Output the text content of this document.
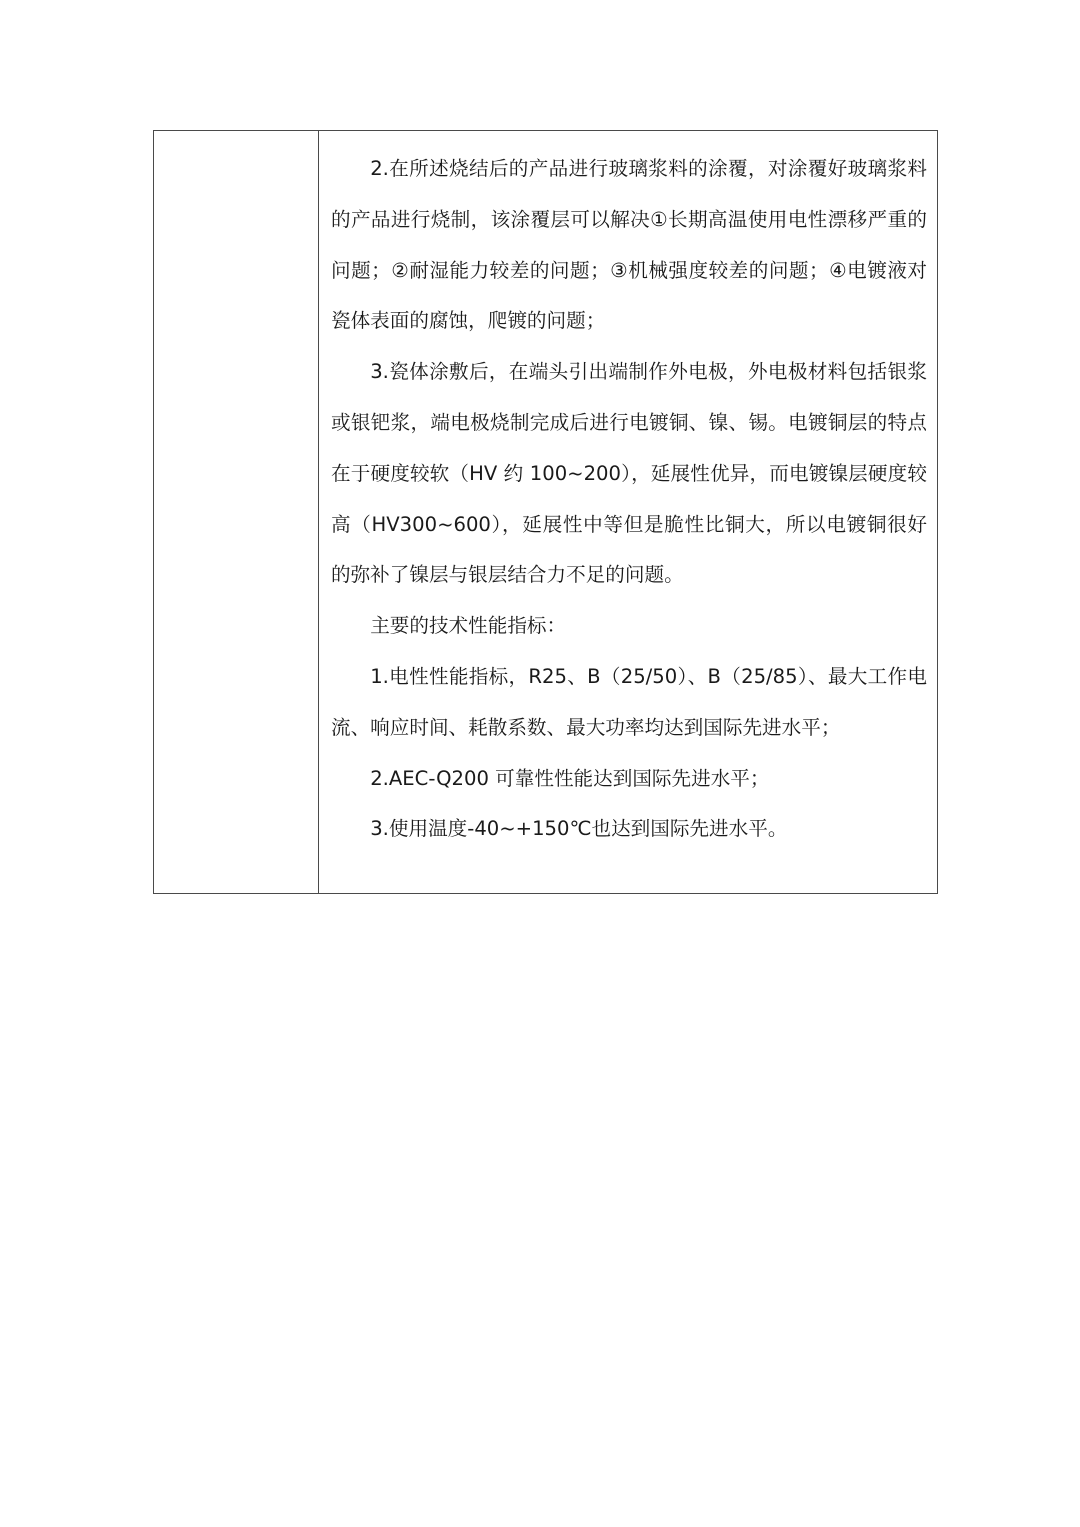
2.在所述烧结后的产品进行玻璃浆料的涂覆，对涂覆好玻璃浆料的产品进行烧制，该涂覆层可以解决①长期高温使用电性漂移严重的问题；②耐湿能力较差的问题；③机械强度较差的问题；④电镀液对瓷体表面的腐蚀，爬镀的问题；

3.瓷体涂敷后，在端头引出端制作外电极，外电极材料包括银浆或银钯浆，端电极烧制完成后进行电镀铜、镍、锡。电镀铜层的特点在于硬度较软（HV 约 100~200），延展性优异，而电镀镍层硬度较高（HV300~600），延展性中等但是脆性比铜大，所以电镀铜很好的弥补了镍层与银层结合力不足的问题。

主要的技术性能指标：

1.电性性能指标，R25、B（25/50）、B（25/85）、最大工作电流、响应时间、耗散系数、最大功率均达到国际先进水平；

2.AEC-Q200 可靠性性能达到国际先进水平；

3.使用温度-40~+150℃也达到国际先进水平。
